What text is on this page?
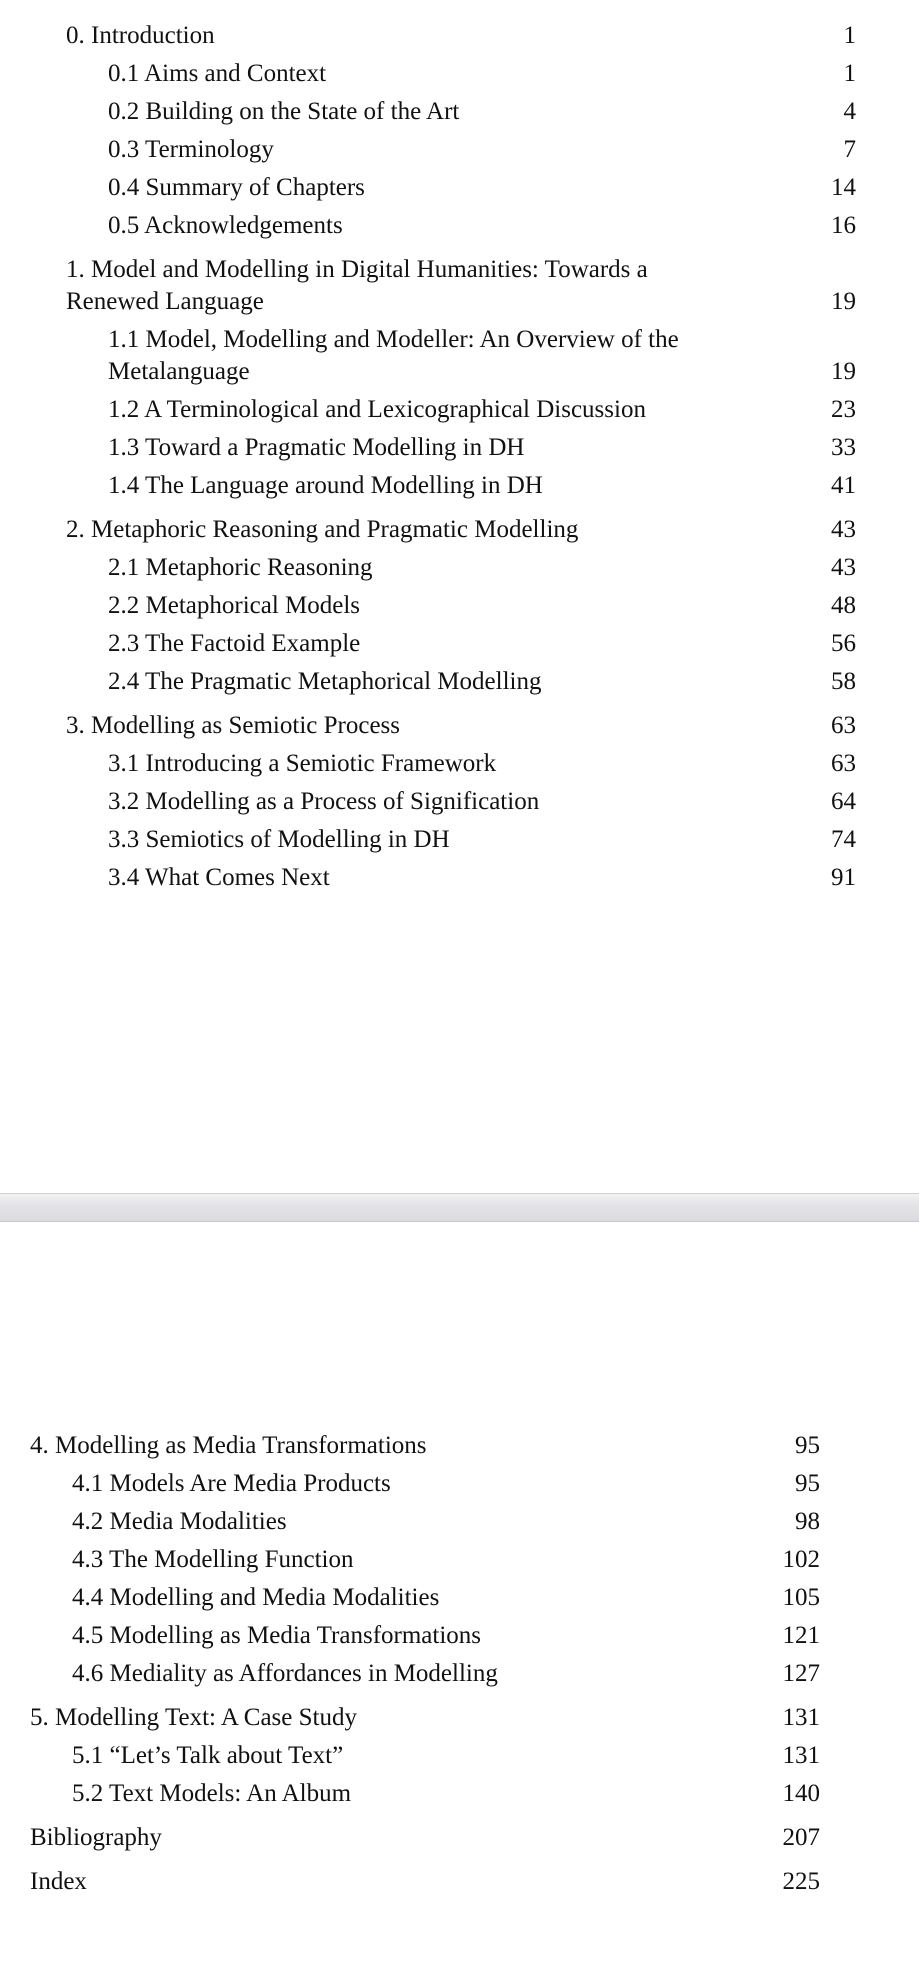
0. Introduction	1
0.1 Aims and Context	1
0.2 Building on the State of the Art	4
0.3 Terminology	7
0.4 Summary of Chapters	14
0.5 Acknowledgements	16
1. Model and Modelling in Digital Humanities: Towards a Renewed Language	19
1.1 Model, Modelling and Modeller: An Overview of the Metalanguage	19
1.2 A Terminological and Lexicographical Discussion	23
1.3 Toward a Pragmatic Modelling in DH	33
1.4 The Language around Modelling in DH	41
2. Metaphoric Reasoning and Pragmatic Modelling	43
2.1 Metaphoric Reasoning	43
2.2 Metaphorical Models	48
2.3 The Factoid Example	56
2.4 The Pragmatic Metaphorical Modelling	58
3. Modelling as Semiotic Process	63
3.1 Introducing a Semiotic Framework	63
3.2 Modelling as a Process of Signification	64
3.3 Semiotics of Modelling in DH	74
3.4 What Comes Next	91
4. Modelling as Media Transformations	95
4.1 Models Are Media Products	95
4.2 Media Modalities	98
4.3 The Modelling Function	102
4.4 Modelling and Media Modalities	105
4.5 Modelling as Media Transformations	121
4.6 Mediality as Affordances in Modelling	127
5. Modelling Text: A Case Study	131
5.1 “Let’s Talk about Text”	131
5.2 Text Models: An Album	140
Bibliography	207
Index	225
